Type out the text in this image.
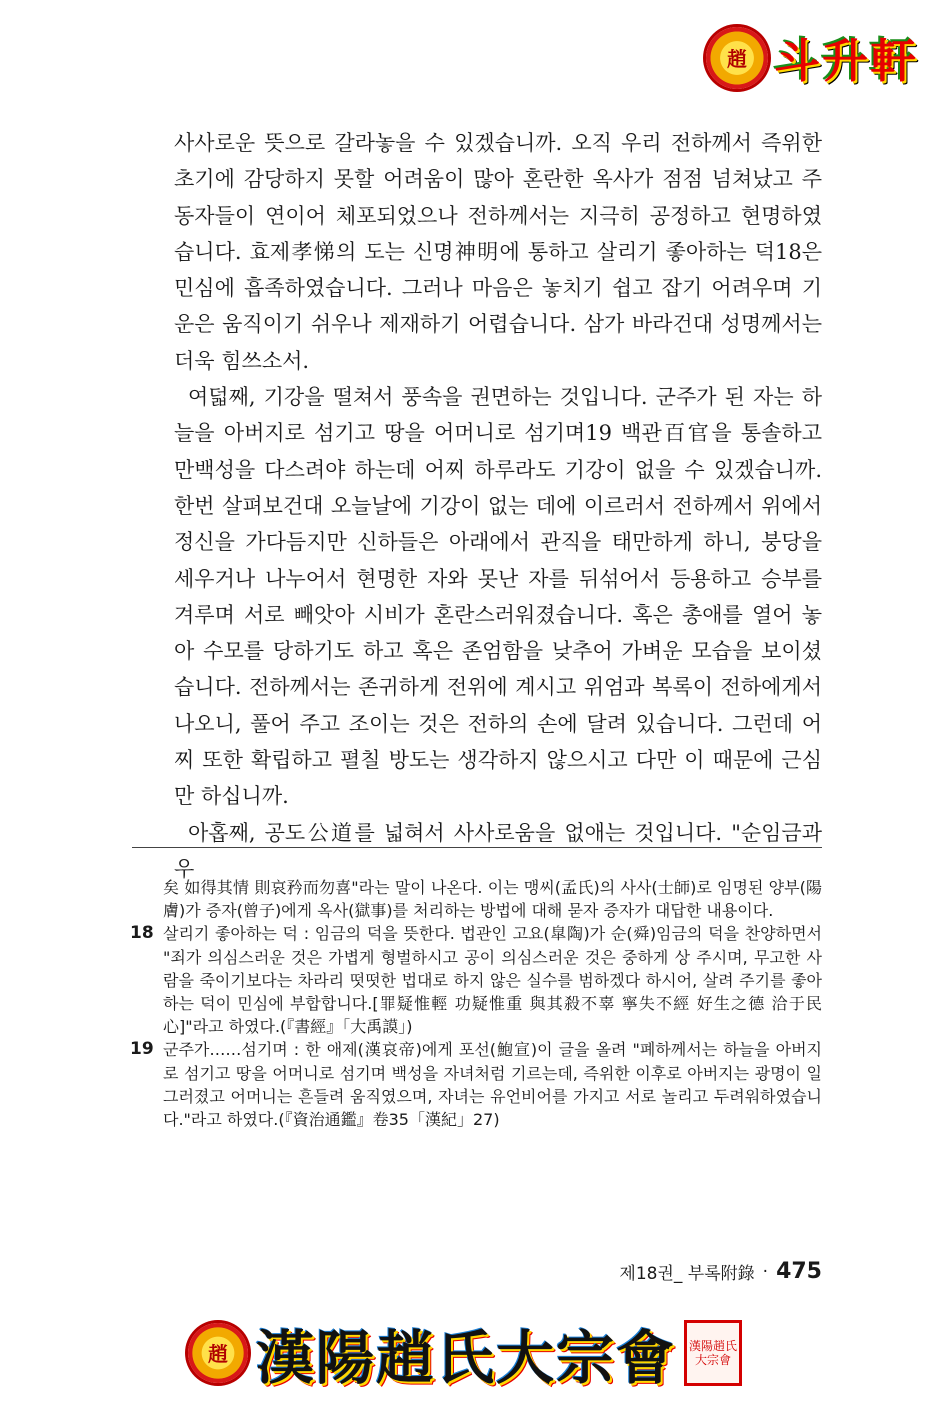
趙 斗升軒

사사로운 뜻으로 갈라놓을 수 있겠습니까. 오직 우리 전하께서 즉위한 초기에 감당하지 못할 어려움이 많아 혼란한 옥사가 점점 넘쳐났고 주동자들이 연이어 체포되었으나 전하께서는 지극히 공정하고 현명하였습니다. 효제孝悌의 도는 신명神明에 통하고 살리기 좋아하는 덕18은 민심에 흡족하였습니다. 그러나 마음은 놓치기 쉽고 잡기 어려우며 기운은 움직이기 쉬우나 제재하기 어렵습니다. 삼가 바라건대 성명께서는 더욱 힘쓰소서.

여덟째, 기강을 떨쳐서 풍속을 권면하는 것입니다. 군주가 된 자는 하늘을 아버지로 섬기고 땅을 어머니로 섬기며19 백관百官을 통솔하고 만백성을 다스려야 하는데 어찌 하루라도 기강이 없을 수 있겠습니까. 한번 살펴보건대 오늘날에 기강이 없는 데에 이르러서 전하께서 위에서 정신을 가다듬지만 신하들은 아래에서 관직을 태만하게 하니, 붕당을 세우거나 나누어서 현명한 자와 못난 자를 뒤섞어서 등용하고 승부를 겨루며 서로 빼앗아 시비가 혼란스러워졌습니다. 혹은 총애를 열어 놓아 수모를 당하기도 하고 혹은 존엄함을 낮추어 가벼운 모습을 보이셨습니다. 전하께서는 존귀하게 전위에 계시고 위엄과 복록이 전하에게서 나오니, 풀어 주고 조이는 것은 전하의 손에 달려 있습니다. 그런데 어찌 또한 확립하고 펼칠 방도는 생각하지 않으시고 다만 이 때문에 근심만 하십니까.

아홉째, 공도公道를 넓혀서 사사로움을 없애는 것입니다. "순임금과 우

矣 如得其情 則哀矜而勿喜"라는 말이 나온다. 이는 맹씨(孟氏)의 사사(士師)로 임명된 양부(陽膚)가 증자(曾子)에게 옥사(獄事)를 처리하는 방법에 대해 묻자 증자가 대답한 내용이다.
18 살리기 좋아하는 덕 : 임금의 덕을 뜻한다. 법관인 고요(皐陶)가 순(舜)임금의 덕을 찬양하면서 "죄가 의심스러운 것은 가볍게 형벌하시고 공이 의심스러운 것은 중하게 상 주시며, 무고한 사람을 죽이기보다는 차라리 떳떳한 법대로 하지 않은 실수를 범하겠다 하시어, 살려 주기를 좋아하는 덕이 민심에 부합합니다.[罪疑惟輕 功疑惟重 與其殺不辜 寧失不經 好生之德 洽于民心]"라고 하였다.(『書經』「大禹謨」)
19 군주가……섬기며 : 한 애제(漢哀帝)에게 포선(鮑宣)이 글을 올려 "폐하께서는 하늘을 아버지로 섬기고 땅을 어머니로 섬기며 백성을 자녀처럼 기르는데, 즉위한 이후로 아버지는 광명이 일그러졌고 어머니는 흔들려 움직였으며, 자녀는 유언비어를 가지고 서로 놀리고 두려워하였습니다."라고 하였다.(『資治通鑑』卷35「漢紀」27)
제18권_ 부록附錄 · 475
趙 漢陽趙氏大宗會	漢陽趙氏大宗會
